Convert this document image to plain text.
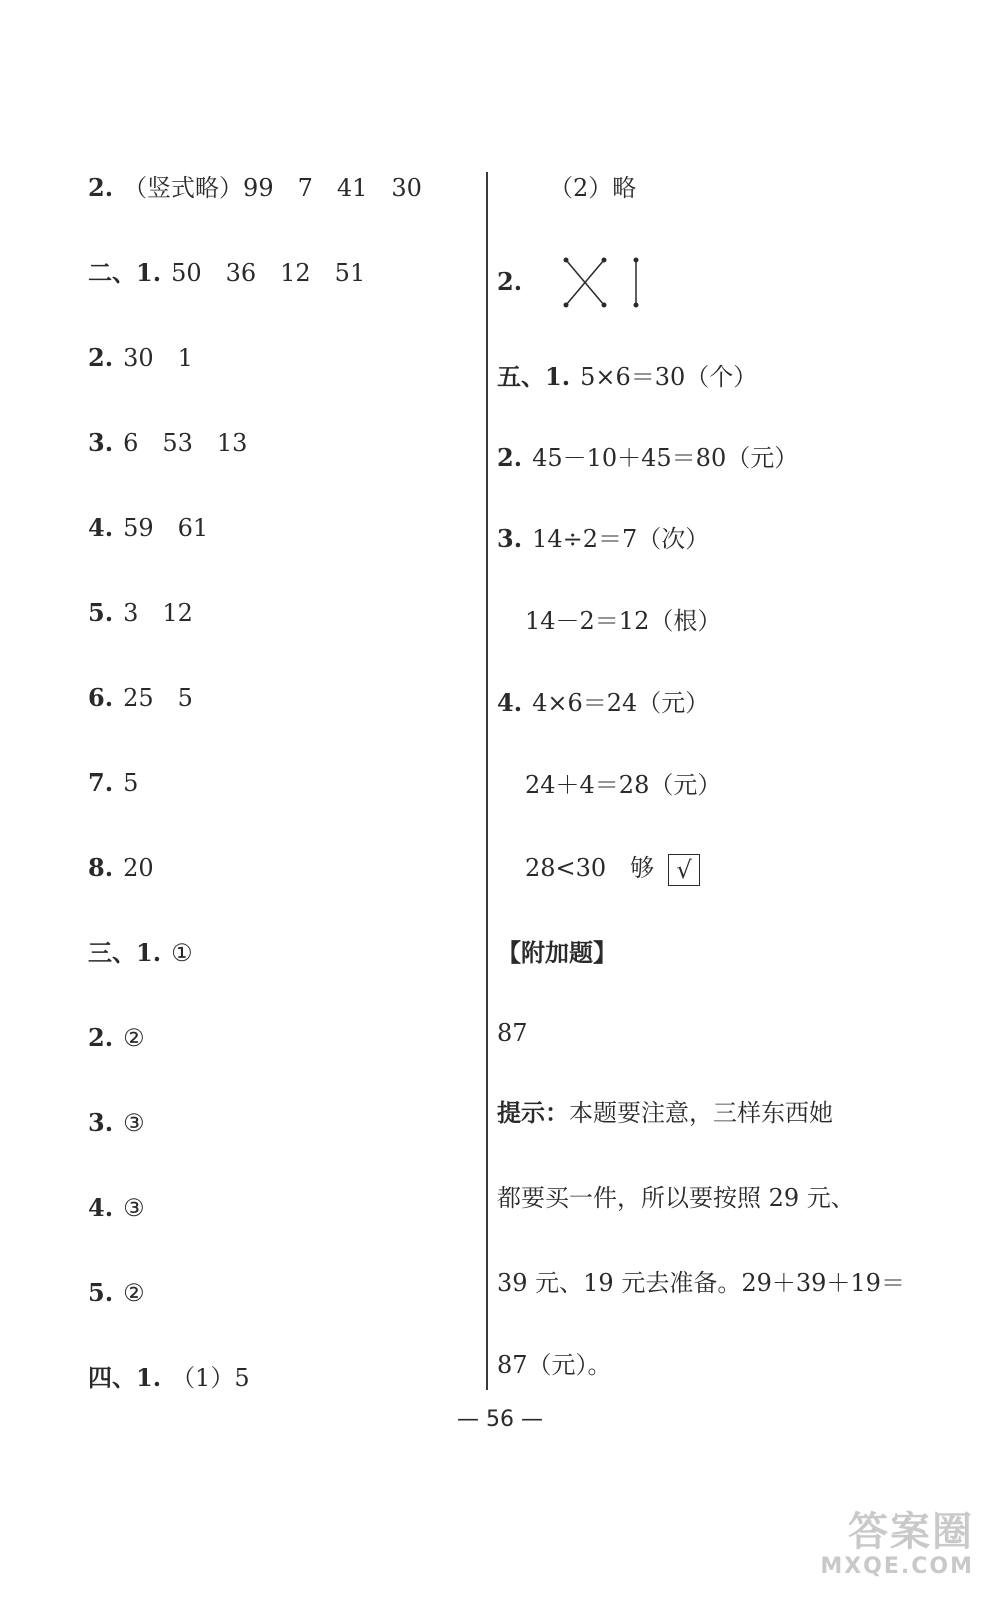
2. （竖式略）99　7　41　30
二、1. 50　36　12　51
2. 30　1
3. 6　53　13
4. 59　61
5. 3　12
6. 25　5
7. 5
8. 20
三、1. ①
2. ②
3. ③
4. ③
5. ②
四、1. （1）5
（2）略
2.
五、1. 5×6＝30（个）
2. 45－10＋45＝80（元）
3. 14÷2＝7（次）
14－2＝12（根）
4. 4×6＝24（元）
24＋4＝28（元）
28<30　够 √
【附加题】
87
提示：本题要注意，三样东西她
都要买一件，所以要按照 29 元、
39 元、19 元去准备。29＋39＋19＝
87（元）。
— 56 —
答案圈
MXQE.COM
